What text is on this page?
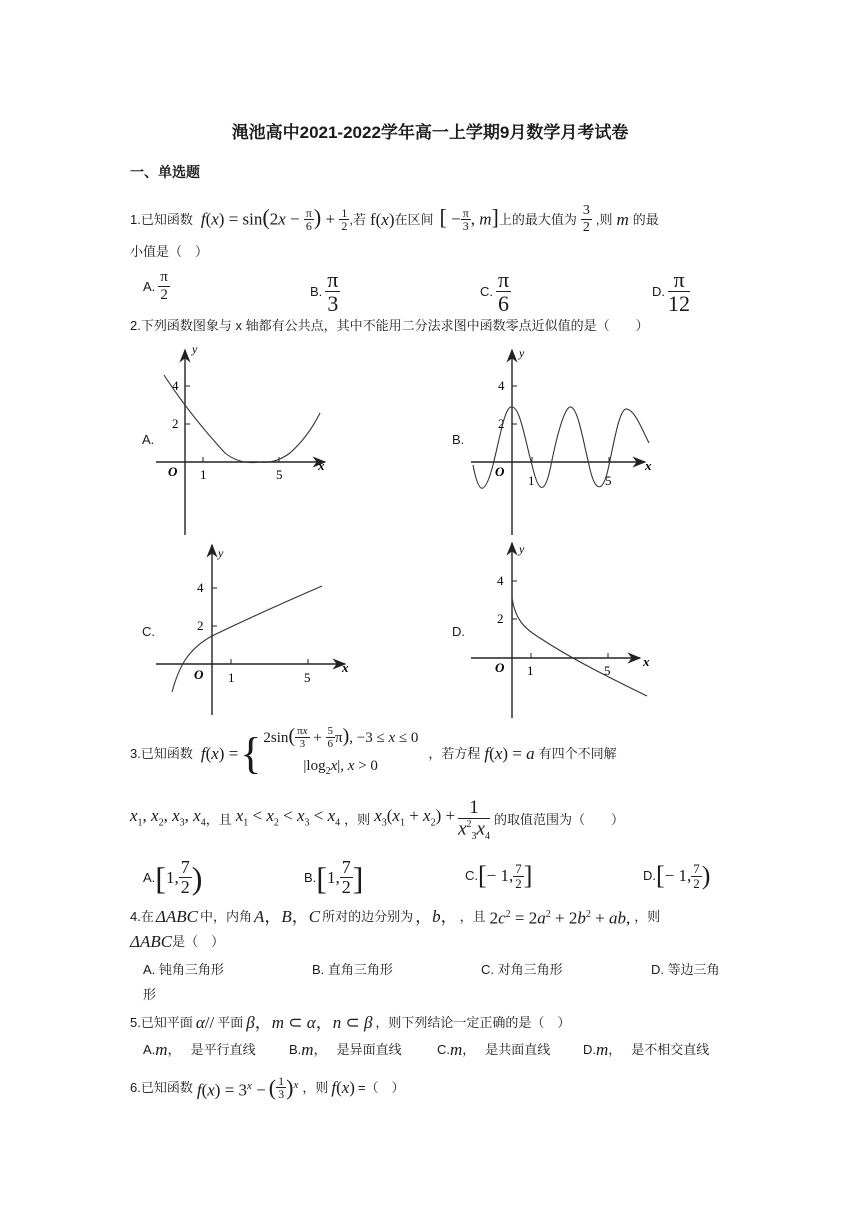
渑池高中2021-2022学年高一上学期9月数学月考试卷
一、单选题
1.已知函数 $f(x) = \sin(2x - \frac{\pi}{6}$ ) + $\frac{1}{2}$ ,若 f(x) 在区间 [ − $\frac{\pi}{3}$ , m] 上的最大值为 $\frac{3}{2}$ ,则 m 的最
小值是（　）
A. $\frac{\pi}{2}$	B. $\frac{\pi}{3}$	C. $\frac{\pi}{6}$	D. $\frac{\pi}{12}$
2.下列函数图象与 x 轴都有公共点，其中不能用二分法求图中函数零点近似值的是（　　）
A.	B.
C.	D.
y
x
O
4
2
1	5
y
x
O
4
2
1	5
y
x
O
4
2
1	5
y
x
O
4
2
1	5
3.已知函数 f(x) = { $2\sin( \frac{\pi x}{3} + \frac{5}{6} \pi)$, −3 ≤ x ≤ 0
$|\log_2x|$, x > 0
，若方程 f(x) = a 有四个不同解
$x_1$, $x_2$, $x_3$, $x_4$ ，且 $x_1 < x_2 < x_3 < x_4$ ，则 $x_3(x_1 + x_2) + \frac{1}{x^2_3x_4}$ 的取值范围为（　　）
A. [ 1, $\frac{7}{2}$ )	B. [ 1, $\frac{7}{2}$ ]	C. [ − 1, $\frac{7}{2}$ ]	D. [ − 1, $\frac{7}{2}$ )
4.在 ΔABC 中，内角 A，B，C 所对的边分别为 ，b， ，且 $2c^2 = 2a^2 + 2b^2$ + ab, ，则
ΔABC 是（　）
A. 钝角三角形	B. 直角三角形	C. 对角三角形	D. 等边三角
形
5.已知平面 α// 平面 β，m ⊂ α，n ⊂ β ，则下列结论一定正确的是（　）
A. m ， 是平行直线	B. m ， 是异面直线	C. m ， 是共面直线	D. m ， 是不相交直线
6.已知函数 $f(x) = 3^x$ − ( $\frac{1}{3}$ ) x ，则 f(x) =（　）
